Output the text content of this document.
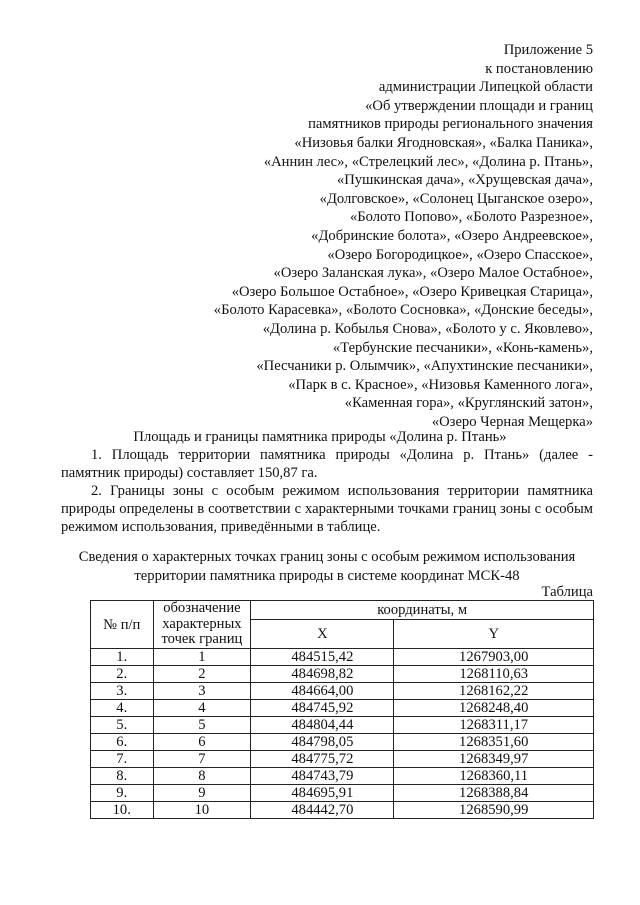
Приложение 5
к постановлению
администрации Липецкой области
«Об утверждении площади и границ
памятников природы регионального значения
«Низовья балки Ягодновская», «Балка Паника»,
«Аннин лес», «Стрелецкий лес», «Долина р. Птань»,
«Пушкинская дача», «Хрущевская дача»,
«Долговское», «Солонец Цыганское озеро»,
«Болото Попово», «Болото Разрезное»,
«Добринские болота», «Озеро Андреевское»,
«Озеро Богородицкое», «Озеро Спасское»,
«Озеро Заланская лука», «Озеро Малое Остабное»,
«Озеро Большое Остабное», «Озеро Кривецкая Старица»,
«Болото Карасевка», «Болото Сосновка», «Донские беседы»,
«Долина р. Кобылья Снова», «Болото у с. Яковлево»,
«Тербунские песчаники», «Конь-камень»,
«Песчаники р. Олымчик», «Апухтинские песчаники»,
«Парк в с. Красное», «Низовья Каменного лога»,
«Каменная гора», «Круглянский затон»,
«Озеро Черная Мещерка»
Площадь и границы памятника природы «Долина р. Птань»
1. Площадь территории памятника природы «Долина р. Птань» (далее - памятник природы) составляет 150,87 га.
2. Границы зоны с особым режимом использования территории памятника природы определены в соответствии с характерными точками границ зоны с особым режимом использования, приведёнными в таблице.
Сведения о характерных точках границ зоны с особым режимом использования
территории памятника природы в системе координат МСК-48
Таблица
№ п/п	обозначение
характерных
точек границ	координаты, м	
		X	Y
1.	1	484515,42	1267903,00
2.	2	484698,82	1268110,63
3.	3	484664,00	1268162,22
4.	4	484745,92	1268248,40
5.	5	484804,44	1268311,17
6.	6	484798,05	1268351,60
7.	7	484775,72	1268349,97
8.	8	484743,79	1268360,11
9.	9	484695,91	1268388,84
10.	10	484442,70	1268590,99
